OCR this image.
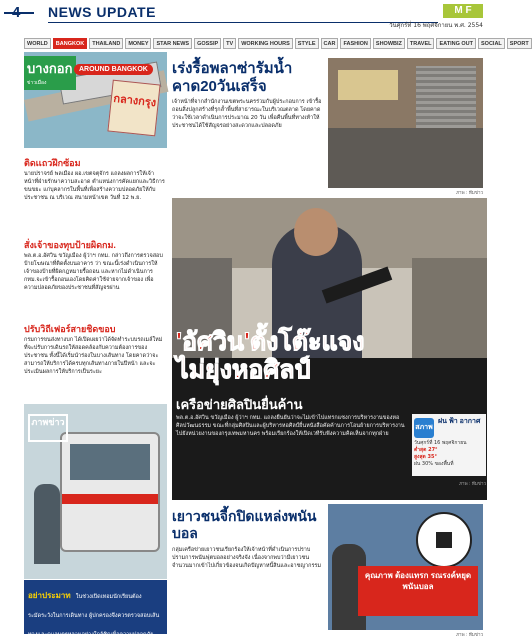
4 NEWS UPDATE	M F
วันศุกร์ที่ 16 พฤศจิกายน พ.ศ. 2554
WORLD	BANGKOK	THAILAND	MONEY	STAR NEWS	GOSSIP	TV	WORKING HOURS	STYLE	CAR	FASHION	SHOWBIZ	TRAVEL	EATING OUT	SOCIAL	SPORT
กลางกรุง
บางกอก
ข่าวเมือง
AROUND BANGKOK
ติดเเถวฝึกซ้อม
นายปราจรย์ พลเมือง ผอ.เขตจตุจักร แถลงผลการให้เจ้าหน้าที่ฝ่ายรักษาความสะอาด ตำแหน่งการคัดแยกและวิธีการขนขยะ แก่บุคลากรในพื้นที่เพื่อสร้างความปลอดภัยให้กับประชาชน ณ บริเวณ สนามหน้าเขต วันที่ 12 พ.ย.
สั่งเจ้าของทุบป้ายผิดกม.
พล.ต.อ.อัศวิน ขวัญเมือง ผู้ว่าฯ กทม. กล่าวถึงการตรวจสอบป้ายโฆษณาที่ติดตั้งบนอาคาร ว่า ขณะนี้เร่งดำเนินการให้เจ้าของป้ายที่ผิดกฎหมายรื้อถอน และหากไม่ดำเนินการ กทม.จะเข้ารื้อถอนเองโดยคิดค่าใช้จ่ายจากเจ้าของ เพื่อความปลอดภัยของประชาชนที่สัญจรผ่าน
ปรับวิถีเฟอร์สายชิดขอบ
กรมการขนส่งทางบก ได้เปิดเผยว่าได้จัดทำระบบรถเมล์ใหม่ ที่จะปรับการเดินรถให้สอดคล้องกับความต้องการของประชาชน ทั้งนี้ได้เริ่มนำร่องในบางเส้นทาง โดยคาดว่าจะสามารถให้บริการได้ครบทุกเส้นทางภายในปีหน้า และจะประเมินผลการให้บริการเป็นระยะ
ภาพข่าว
อย่าประมาท ในช่วงเปิดเทอมนักเรียนต้องระมัดระวังในการเดินทาง ผู้ปกครองจึงควรตรวจสอบเส้นทางและดูแลบุตรหลานอย่างใกล้ชิดเพื่อความปลอดภัย
เร่งรื้อพลาซ่ารัมน้ำ คาด20วันเสร็จ
เจ้าหน้าที่จากสำนักงานเขตพระนครร่วมกับผู้ประกอบการ เข้ารื้อถอนสิ่งปลูกสร้างที่รุกล้ำพื้นที่สาธารณะในบริเวณตลาด โดยคาดว่าจะใช้เวลาดำเนินการประมาณ 20 วัน เพื่อคืนพื้นที่ทางเท้าให้ประชาชนได้ใช้สัญจรอย่างสะดวกและปลอดภัย
ภาพ : ทีมข่าว
'อัศวิน'ตั้งโต๊ะแจง
ไม่ยุ่งหอศิลป์
เครือข่ายศิลปินยื่นค้าน
พล.ต.อ.อัศวิน ขวัญเมือง ผู้ว่าฯ กทม. แถลงยืนยันว่าจะไม่เข้าไปแทรกแซงการบริหารงานของหอศิลปวัฒนธรรม ขณะที่กลุ่มศิลปินและผู้บริหารหอศิลป์ยื่นหนังสือคัดค้านการโอนย้ายการบริหารงานไปยังหน่วยงานของกรุงเทพมหานคร พร้อมเรียกร้องให้เปิดเวทีรับฟังความคิดเห็นจากทุกฝ่าย
สภาพ
ฝน ฟ้า อากาศ
วันศุกร์ที่ 16 พฤศจิกายน
ต่ำสุด 27°
สูงสุด 35°
ฝน 30% ของพื้นที่
ภาพ : ทีมข่าว
เยาวชนจี้กปิดแหล่งพนันบอล
กลุ่มเครือข่ายเยาวชนเรียกร้องให้เจ้าหน้าที่ดำเนินการปราบปรามการพนันฟุตบอลอย่างจริงจัง เนื่องจากพบว่ามีเยาวชนจำนวนมากเข้าไปเกี่ยวข้องจนเกิดปัญหาหนี้สินและอาชญากรรม
คุณภาพ ต้องแทรก รณรงค์หยุดพนันบอล
ภาพ : ทีมข่าว
